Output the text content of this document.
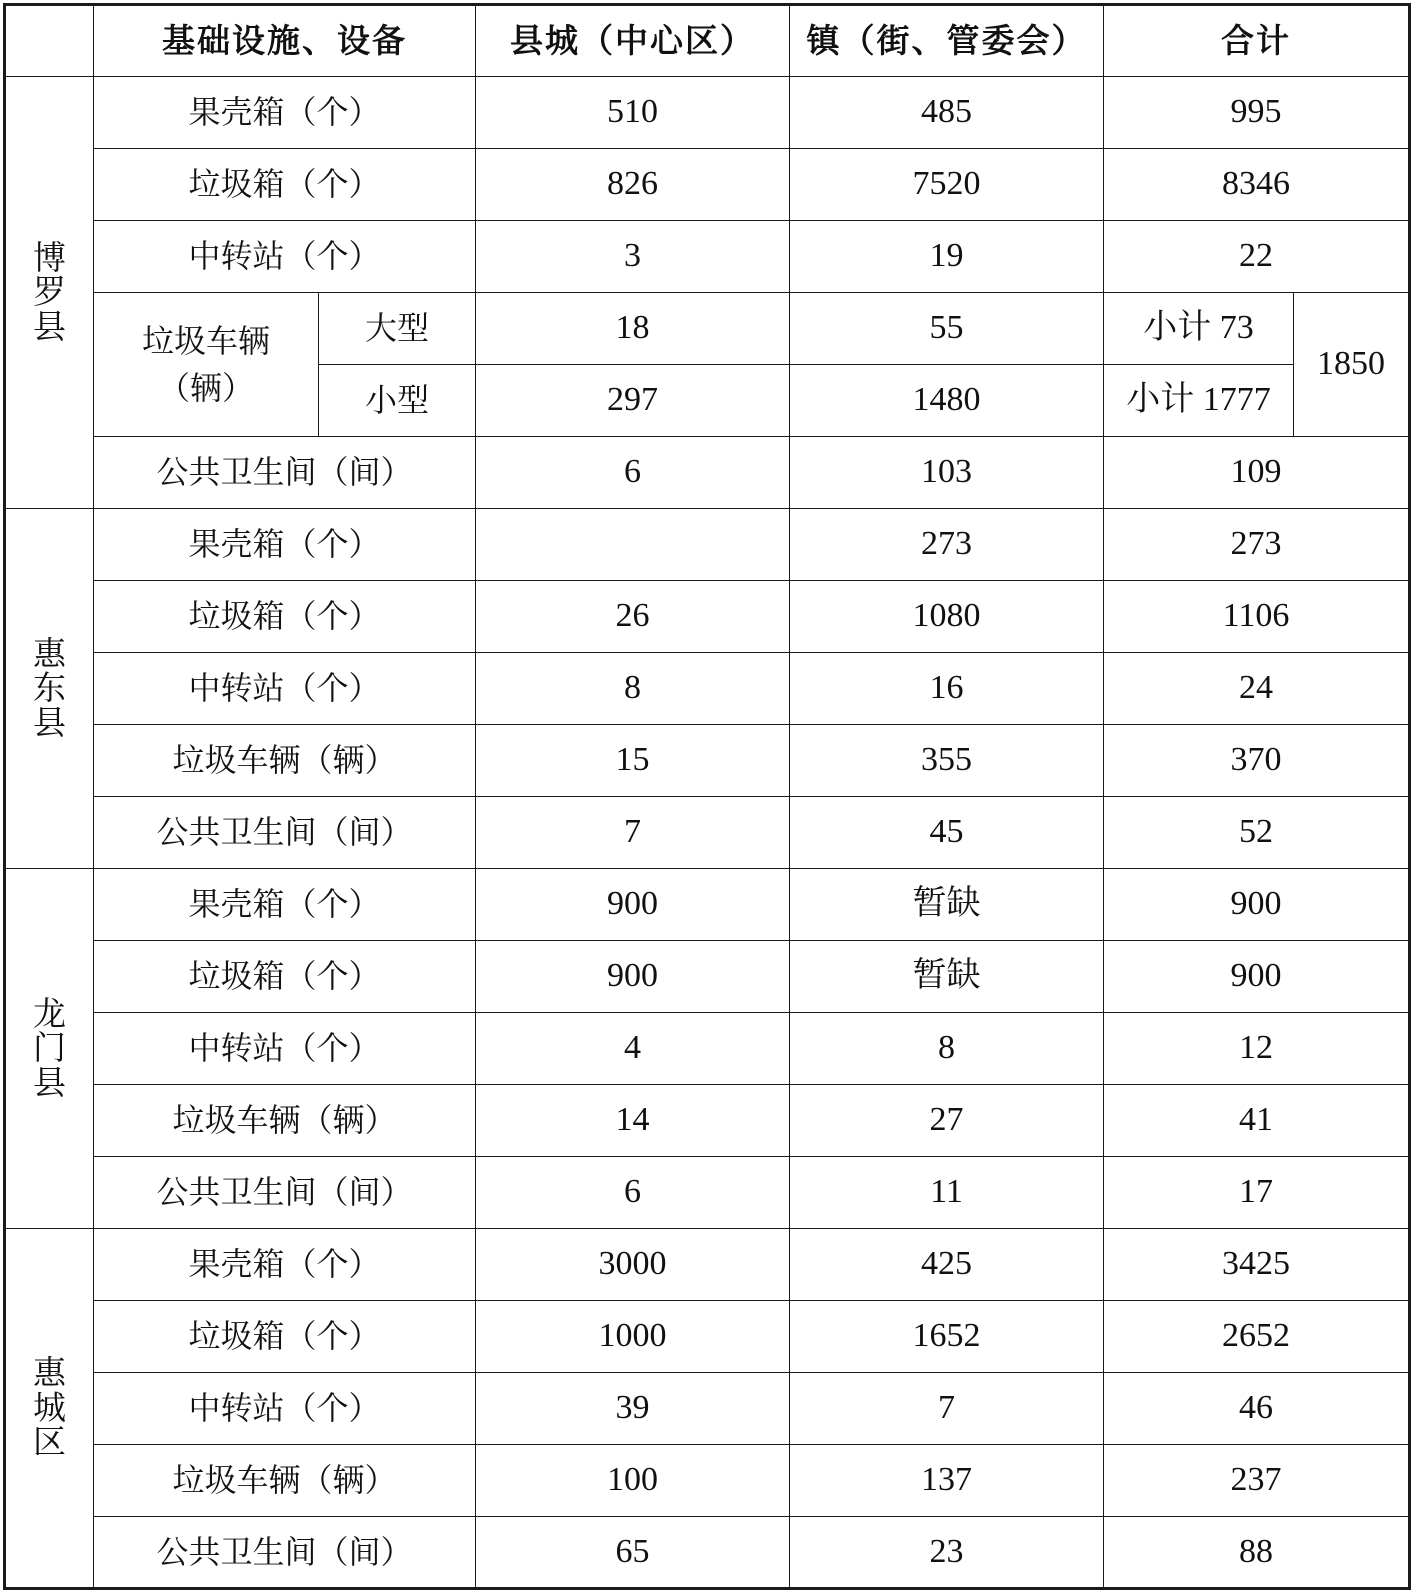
	基础设施、设备		县城（中心区）	镇（街、管委会）	合计	
博罗县	果壳箱（个）		510	485	995	
	垃圾箱（个）		826	7520	8346	
	中转站（个）		3	19	22	
	垃圾车辆（辆）	大型	18	55	小计 73	1850
		小型	297	1480	小计 1777	
	公共卫生间（间）		6	103	109	
惠东县	果壳箱（个）			273	273	
	垃圾箱（个）		26	1080	1106	
	中转站（个）		8	16	24	
	垃圾车辆（辆）		15	355	370	
	公共卫生间（间）		7	45	52	
龙门县	果壳箱（个）		900	暂缺	900	
	垃圾箱（个）		900	暂缺	900	
	中转站（个）		4	8	12	
	垃圾车辆（辆）		14	27	41	
	公共卫生间（间）		6	11	17	
惠城区	果壳箱（个）		3000	425	3425	
	垃圾箱（个）		1000	1652	2652	
	中转站（个）		39	7	46	
	垃圾车辆（辆）		100	137	237	
	公共卫生间（间）		65	23	88	
